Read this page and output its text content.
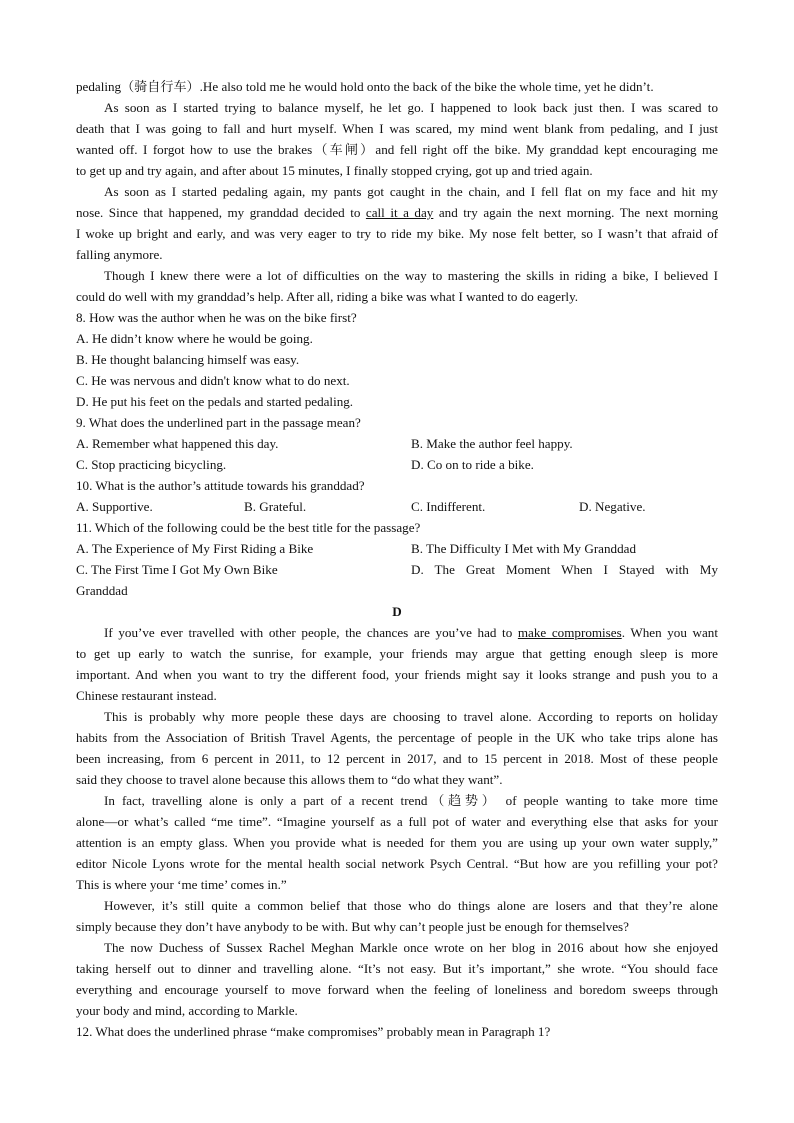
pedaling（骑自行车）.He also told me he would hold onto the back of the bike the whole time, yet he didn’t.
As soon as I started trying to balance myself, he let go. I happened to look back just then. I was scared to
death that I was going to fall and hurt myself. When I was scared, my mind went blank from pedaling, and I just
wanted off. I forgot how to use the brakes（车闸）and fell right off the bike. My granddad kept encouraging me
to get up and try again, and after about 15 minutes, I finally stopped crying, got up and tried again.
As soon as I started pedaling again, my pants got caught in the chain, and I fell flat on my face and hit my
nose. Since that happened, my granddad decided to call it a day and try again the next morning. The next morning
I woke up bright and early, and was very eager to try to ride my bike. My nose felt better, so I wasn’t that afraid of
falling anymore.
Though I knew there were a lot of difficulties on the way to mastering the skills in riding a bike, I believed I
could do well with my granddad’s help. After all, riding a bike was what I wanted to do eagerly.
8. How was the author when he was on the bike first?
A. He didn’t know where he would be going.
B. He thought balancing himself was easy.
C. He was nervous and didn't know what to do next.
D. He put his feet on the pedals and started pedaling.
9. What does the underlined part in the passage mean?
A. Remember what happened this day.	B. Make the author feel happy.
C. Stop practicing bicycling.	D. Co on to ride a bike.
10. What is the author’s attitude towards his granddad?
A. Supportive.	B. Grateful.	C. Indifferent.	D. Negative.
11. Which of the following could be the best title for the passage?
A. The Experience of My First Riding a Bike	B. The Difficulty I Met with My Granddad
C. The First Time I Got My Own Bike	D. The Great Moment When I Stayed with My
Granddad
D
If you’ve ever travelled with other people, the chances are you’ve had to make compromises. When you want
to get up early to watch the sunrise, for example, your friends may argue that getting enough sleep is more
important. And when you want to try the different food, your friends might say it looks strange and push you to a
Chinese restaurant instead.
This is probably why more people these days are choosing to travel alone. According to reports on holiday
habits from the Association of British Travel Agents, the percentage of people in the UK who take trips alone has
been increasing, from 6 percent in 2011, to 12 percent in 2017, and to 15 percent in 2018. Most of these people
said they choose to travel alone because this allows them to “do what they want”.
In fact, travelling alone is only a part of a recent trend（趋势） of people wanting to take more time
alone—or what’s called “me time”. “Imagine yourself as a full pot of water and everything else that asks for your
attention is an empty glass. When you provide what is needed for them you are using up your own water supply,”
editor Nicole Lyons wrote for the mental health social network Psych Central. “But how are you refilling your pot?
This is where your ‘me time’ comes in.”
However, it’s still quite a common belief that those who do things alone are losers and that they’re alone
simply because they don’t have anybody to be with. But why can’t people just be enough for themselves?
The now Duchess of Sussex Rachel Meghan Markle once wrote on her blog in 2016 about how she enjoyed
taking herself out to dinner and travelling alone. “It’s not easy. But it’s important,” she wrote. “You should face
everything and encourage yourself to move forward when the feeling of loneliness and boredom sweeps through
your body and mind, according to Markle.
12. What does the underlined phrase “make compromises” probably mean in Paragraph 1?
